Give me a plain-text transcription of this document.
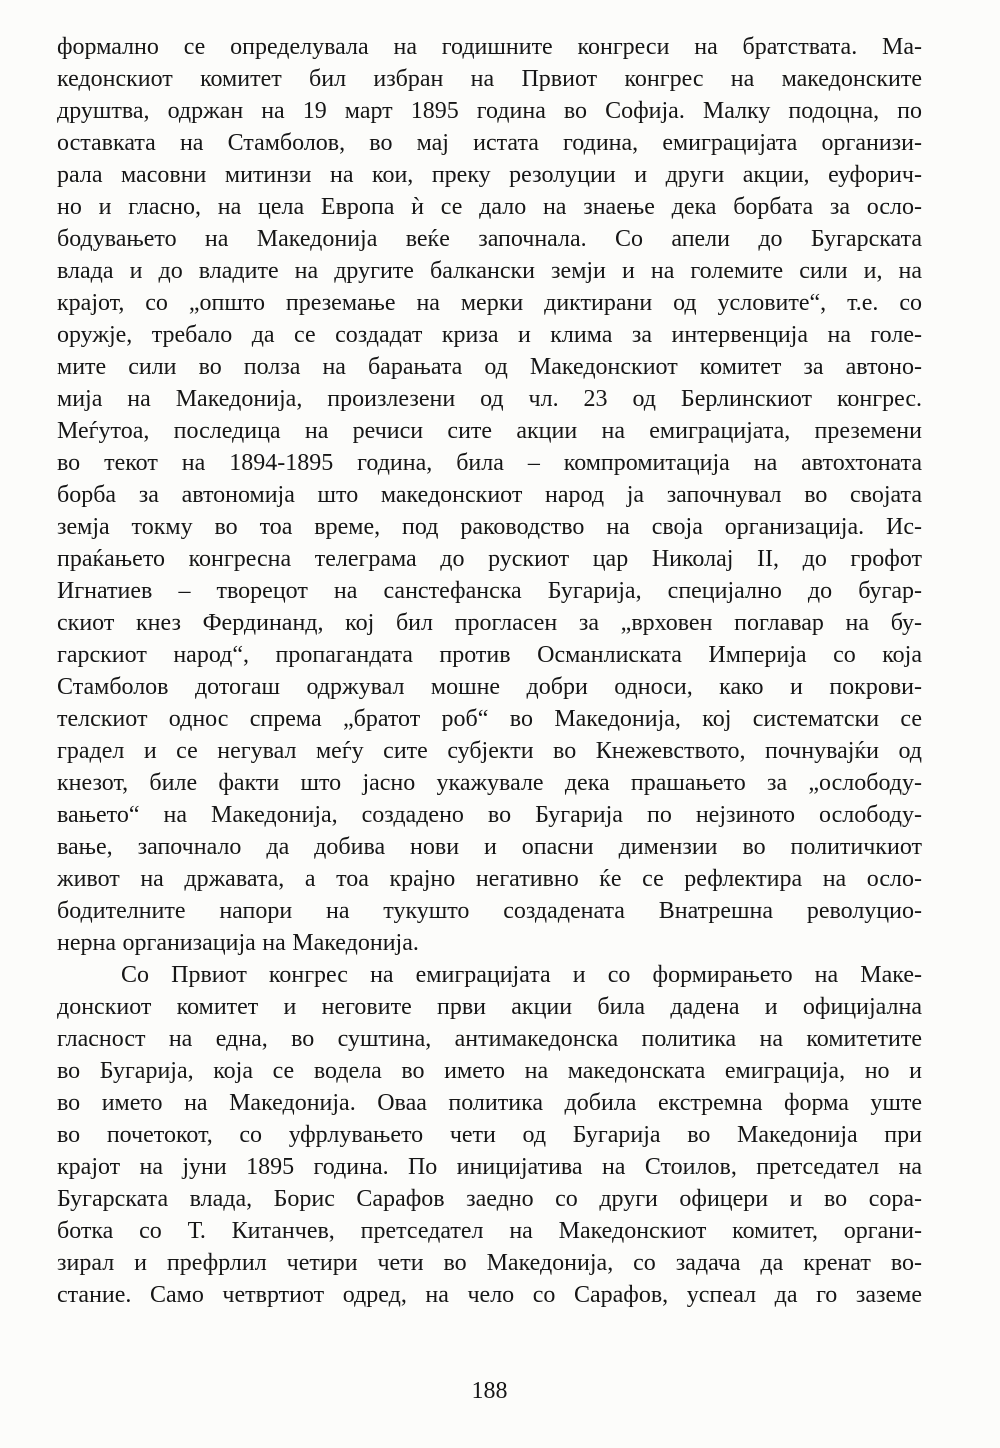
формално се определувала на годишните конгреси на братствата. Ма-
кедонскиот комитет бил избран на Првиот конгрес на македонските
друштва, одржан на 19 март 1895 година во Софија. Малку подоцна, по
оставката на Стамболов, во мај истата година, емиграцијата организи-
рала масовни митинзи на кои, преку резолуции и други акции, еуфорич-
но и гласно, на цела Европа ѝ се дало на знаење дека борбата за осло-
бодувањето на Македонија веќе започнала. Со апели до Бугарската
влада и до владите на другите балкански земји и на големите сили и, на
крајот, со „општо преземање на мерки диктирани од условите“, т.е. со
оружје, требало да се создадат криза и клима за интервенција на голе-
мите сили во полза на барањата од Македонскиот комитет за автоно-
мија на Македонија, произлезени од чл. 23 од Берлинскиот конгрес.
Меѓутоа, последица на речиси сите акции на емиграцијата, преземени
во текот на 1894-1895 година, била – компромитација на автохтоната
борба за автономија што македонскиот народ ја започнувал во својата
земја токму во тоа време, под раководство на своја организација. Ис-
праќањето конгресна телеграма до рускиот цар Николај II, до грофот
Игнатиев – творецот на санстефанска Бугарија, специјално до бугар-
скиот кнез Фердинанд, кој бил прогласен за „врховен поглавар на бу-
гарскиот народ“, пропагандата против Османлиската Империја со која
Стамболов дотогаш одржувал мошне добри односи, како и покрови-
телскиот однос спрема „братот роб“ во Македонија, кој систематски се
градел и се негувал меѓу сите субјекти во Кнежевството, почнувајќи од
кнезот, биле факти што јасно укажувале дека прашањето за „ослободу-
вањето“ на Македонија, создадено во Бугарија по нејзиното ослободу-
вање, започнало да добива нови и опасни димензии во политичкиот
живот на државата, а тоа крајно негативно ќе се рефлектира на осло-
бодителните напори на тукушто создадената Внатрешна револуцио-
нерна организација на Македонија.
Со Првиот конгрес на емиграцијата и со формирањето на Маке-
донскиот комитет и неговите први акции била дадена и официјална
гласност на една, во суштина, антимакедонска политика на комитетите
во Бугарија, која се водела во името на македонската емиграција, но и
во името на Македонија. Оваа политика добила екстремна форма уште
во почетокот, со уфрлувањето чети од Бугарија во Македонија при
крајот на јуни 1895 година. По иницијатива на Стоилов, претседател на
Бугарската влада, Борис Сарафов заедно со други офицери и во сора-
ботка со Т. Китанчев, претседател на Македонскиот комитет, органи-
зирал и префрлил четири чети во Македонија, со задача да кренат во-
стание. Само четвртиот одред, на чело со Сарафов, успеал да го заземе
188
